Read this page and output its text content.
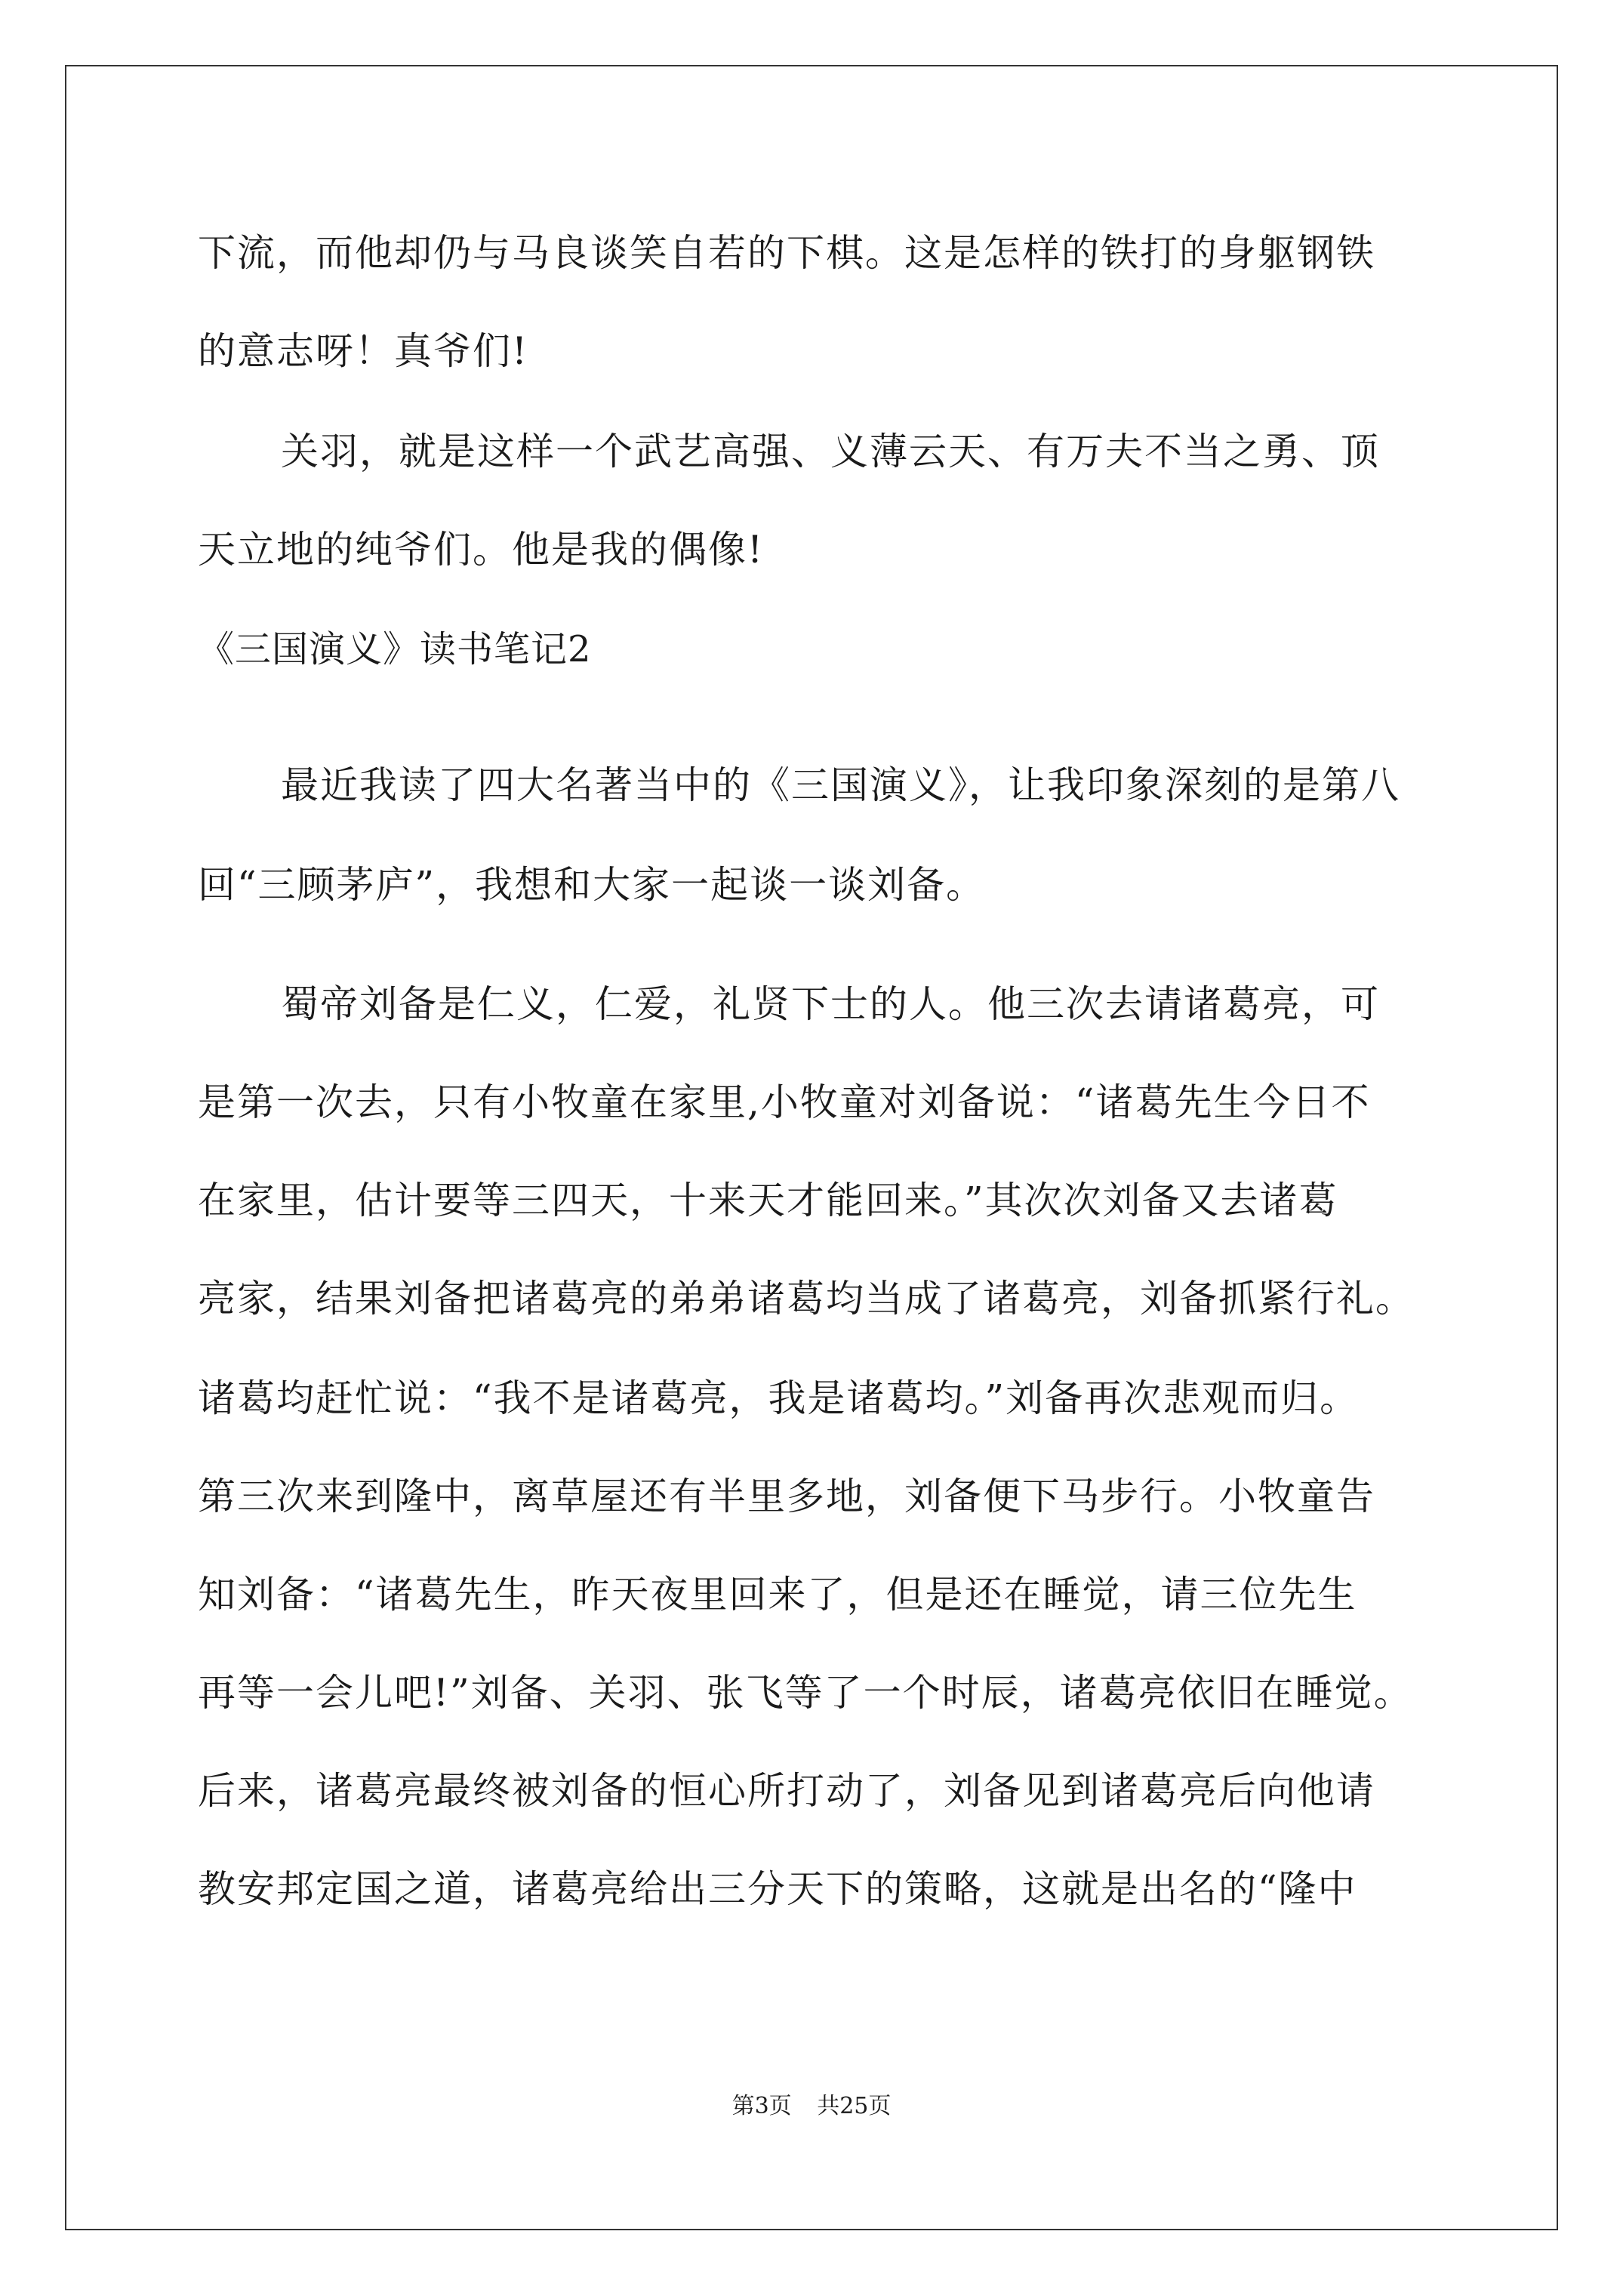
下流，而他却仍与马良谈笑自若的下棋。这是怎样的铁打的身躯钢铁
的意志呀！真爷们!
关羽，就是这样一个武艺高强、义薄云天、有万夫不当之勇、顶
天立地的纯爷们。他是我的偶像!
《三国演义》读书笔记2
最近我读了四大名著当中的《三国演义》，让我印象深刻的是第八
回“三顾茅庐”，我想和大家一起谈一谈刘备。
蜀帝刘备是仁义，仁爱，礼贤下士的人。他三次去请诸葛亮，可
是第一次去，只有小牧童在家里,小牧童对刘备说：“诸葛先生今日不
在家里，估计要等三四天，十来天才能回来。”其次次刘备又去诸葛
亮家，结果刘备把诸葛亮的弟弟诸葛均当成了诸葛亮，刘备抓紧行礼。
诸葛均赶忙说：“我不是诸葛亮，我是诸葛均。”刘备再次悲观而归。
第三次来到隆中，离草屋还有半里多地，刘备便下马步行。小牧童告
知刘备：“诸葛先生，昨天夜里回来了，但是还在睡觉，请三位先生
再等一会儿吧!”刘备、关羽、张飞等了一个时辰，诸葛亮依旧在睡觉。
后来，诸葛亮最终被刘备的恒心所打动了，刘备见到诸葛亮后向他请
教安邦定国之道，诸葛亮给出三分天下的策略，这就是出名的“隆中
第3页 共25页
